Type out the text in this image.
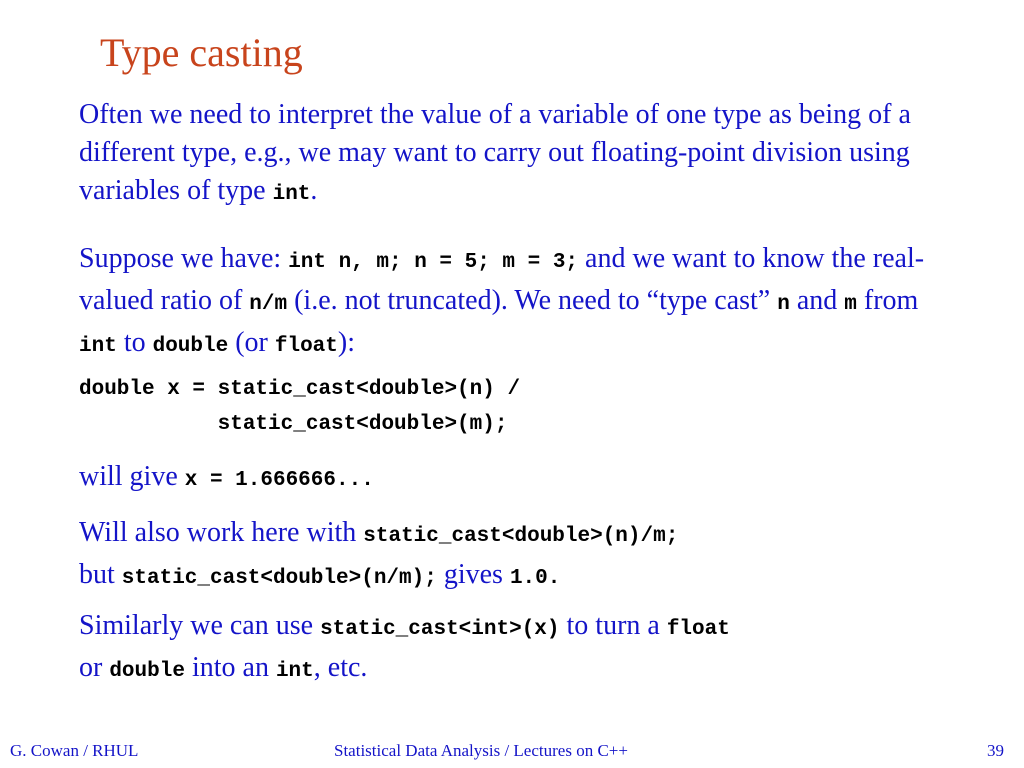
Type casting

Often we need to interpret the value of a variable of one type as being of a different type, e.g., we may want to carry out floating-point division using variables of type int.

Suppose we have: int n, m; n = 5; m = 3; and we want to know the real-valued ratio of n/m (i.e. not truncated). We need to “type cast” n and m from int to double (or float):

double x = static_cast<double>(n) /
static_cast<double>(m);

will give x = 1.666666...

Will also work here with static_cast<double>(n)/m;
but static_cast<double>(n/m); gives 1.0.

Similarly we can use static_cast<int>(x) to turn a float
or double into an int, etc.

G. Cowan / RHUL	Statistical Data Analysis / Lectures on C++	39
